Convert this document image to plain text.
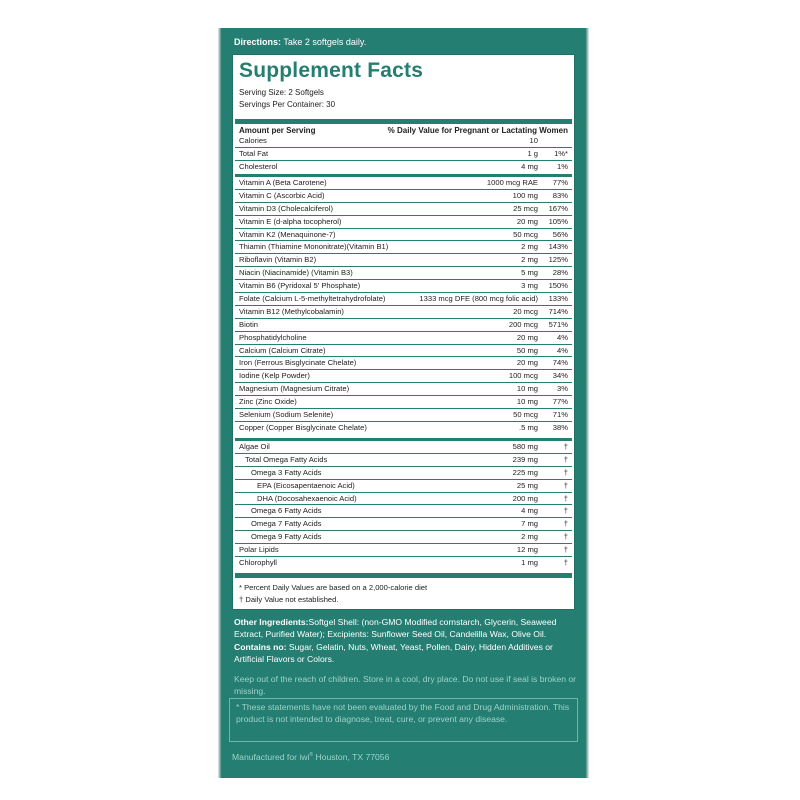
Directions: Take 2 softgels daily.
Supplement Facts
Serving Size: 2 Softgels
Servings Per Container: 30
Amount per Serving	% Daily Value for Pregnant or Lactating Women
Calories	10
Total Fat	1 g 1%*
Cholesterol	4 mg	1%
Vitamin A (Beta Carotene)	1000 mcg RAE 77%
Vitamin C (Ascorbic Acid)	100 mg 83%
Vitamin D3 (Cholecalciferol)	25 mcg 167%
Vitamin E (d-alpha tocopherol)	20 mg 105%
Vitamin K2 (Menaquinone-7)	50 mcg 56%
Thiamin (Thiamine Mononitrate)(Vitamin B1)	2 mg 143%
Riboflavin (Vitamin B2)	2 mg 125%
Niacin (Niacinamide) (Vitamin B3)	5 mg 28%
Vitamin B6 (Pyridoxal 5' Phosphate)	3 mg 150%
Folate (Calcium L-5-methyltetrahydrofolate)	1333 mcg DFE (800 mcg folic acid) 133%
Vitamin B12 (Methylcobalamin)	20 mcg 714%
Biotin	200 mcg 571%
Phosphatidylcholine	20 mg	4%
Calcium (Calcium Citrate)	50 mg	4%
Iron (Ferrous Bisglycinate Chelate)	20 mg 74%
Iodine (Kelp Powder)	100 mcg 34%
Magnesium (Magnesium Citrate)	10 mg	3%
Zinc (Zinc Oxide)	10 mg 77%
Selenium (Sodium Selenite)	50 mcg 71%
Copper (Copper Bisglycinate Chelate)	.5 mg 38%
Algae Oil	580 mg	†
Total Omega Fatty Acids	239 mg	†
Omega 3 Fatty Acids	225 mg	†
EPA (Eicosapentaenoic Acid)	25 mg	†
DHA (Docosahexaenoic Acid)	200 mg	†
Omega 6 Fatty Acids	4 mg	†
Omega 7 Fatty Acids	7 mg	†
Omega 9 Fatty Acids	2 mg	†
Polar Lipids	12 mg	†
Chlorophyll	1 mg	†
* Percent Daily Values are based on a 2,000-calorie diet
† Daily Value not established.
Other Ingredients:Softgel Shell: (non-GMO Modified cornstarch, Glycerin, Seaweed Extract, Purified Water); Excipients: Sunflower Seed Oil, Candelilla Wax, Olive Oil.
Contains no: Sugar, Gelatin, Nuts, Wheat, Yeast, Pollen, Dairy, Hidden Additives or Artificial Flavors or Colors.
Keep out of the reach of children. Store in a cool, dry place. Do not use if seal is broken or missing.
* These statements have not been evaluated by the Food and Drug Administration. This product is not intended to diagnose, treat, cure, or prevent any disease.
Manufactured for iwi® Houston, TX 77056
